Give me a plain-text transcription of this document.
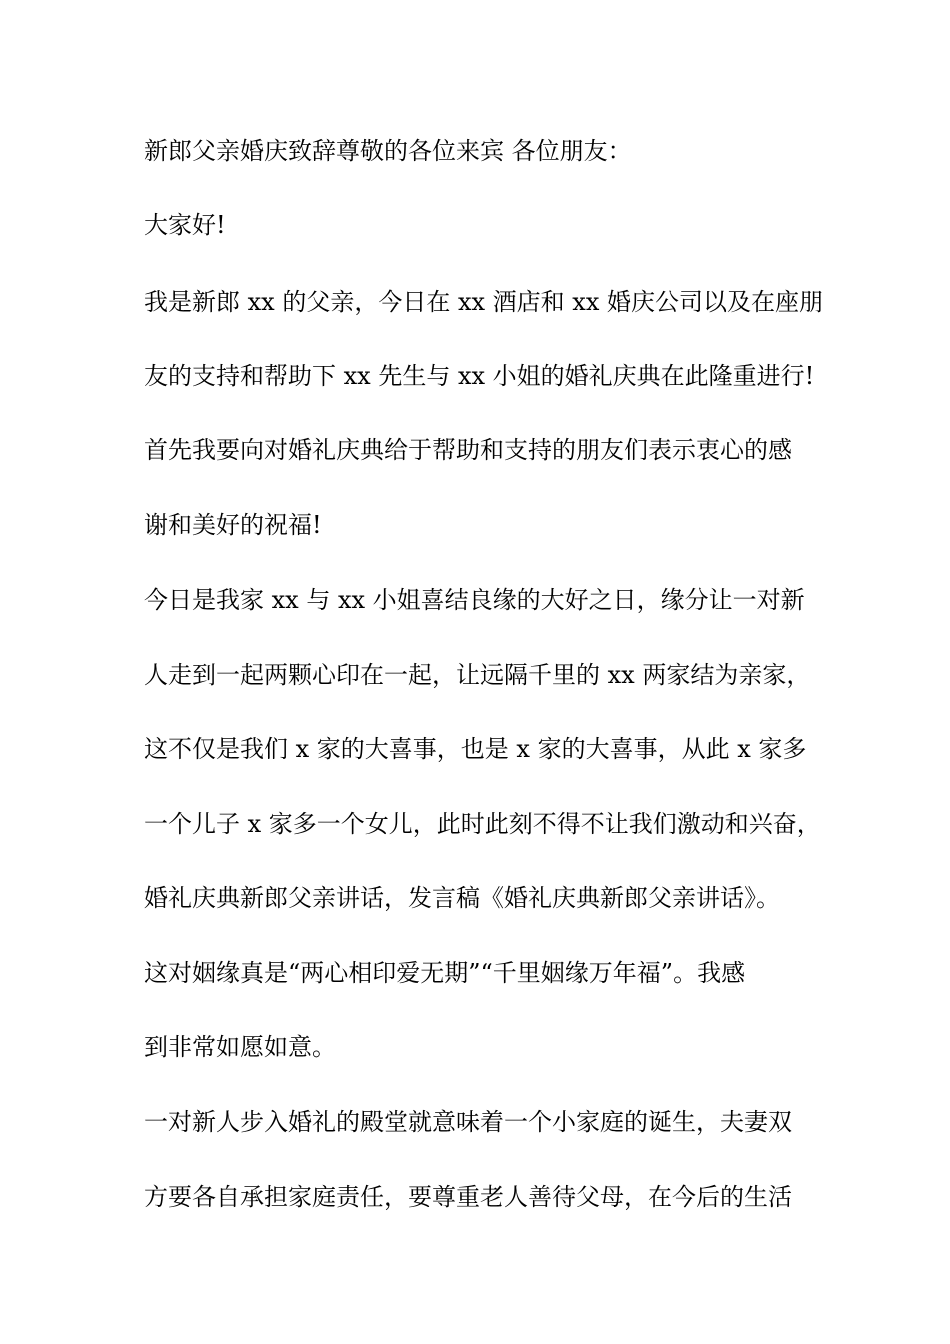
新郎父亲婚庆致辞尊敬的各位来宾 各位朋友：

大家好!

我是新郎 xx 的父亲，今日在 xx 酒店和 xx 婚庆公司以及在座朋

友的支持和帮助下 xx 先生与 xx 小姐的婚礼庆典在此隆重进行!

首先我要向对婚礼庆典给于帮助和支持的朋友们表示衷心的感

谢和美好的祝福!

今日是我家 xx 与 xx 小姐喜结良缘的大好之日，缘分让一对新

人走到一起两颗心印在一起，让远隔千里的 xx 两家结为亲家，

这不仅是我们 x 家的大喜事，也是 x 家的大喜事，从此 x 家多

一个儿子 x 家多一个女儿，此时此刻不得不让我们激动和兴奋，

婚礼庆典新郎父亲讲话，发言稿《婚礼庆典新郎父亲讲话》。

这对姻缘真是“两心相印爱无期”“千里姻缘万年福”。我感

到非常如愿如意。

一对新人步入婚礼的殿堂就意味着一个小家庭的诞生，夫妻双

方要各自承担家庭责任，要尊重老人善待父母，在今后的生活
